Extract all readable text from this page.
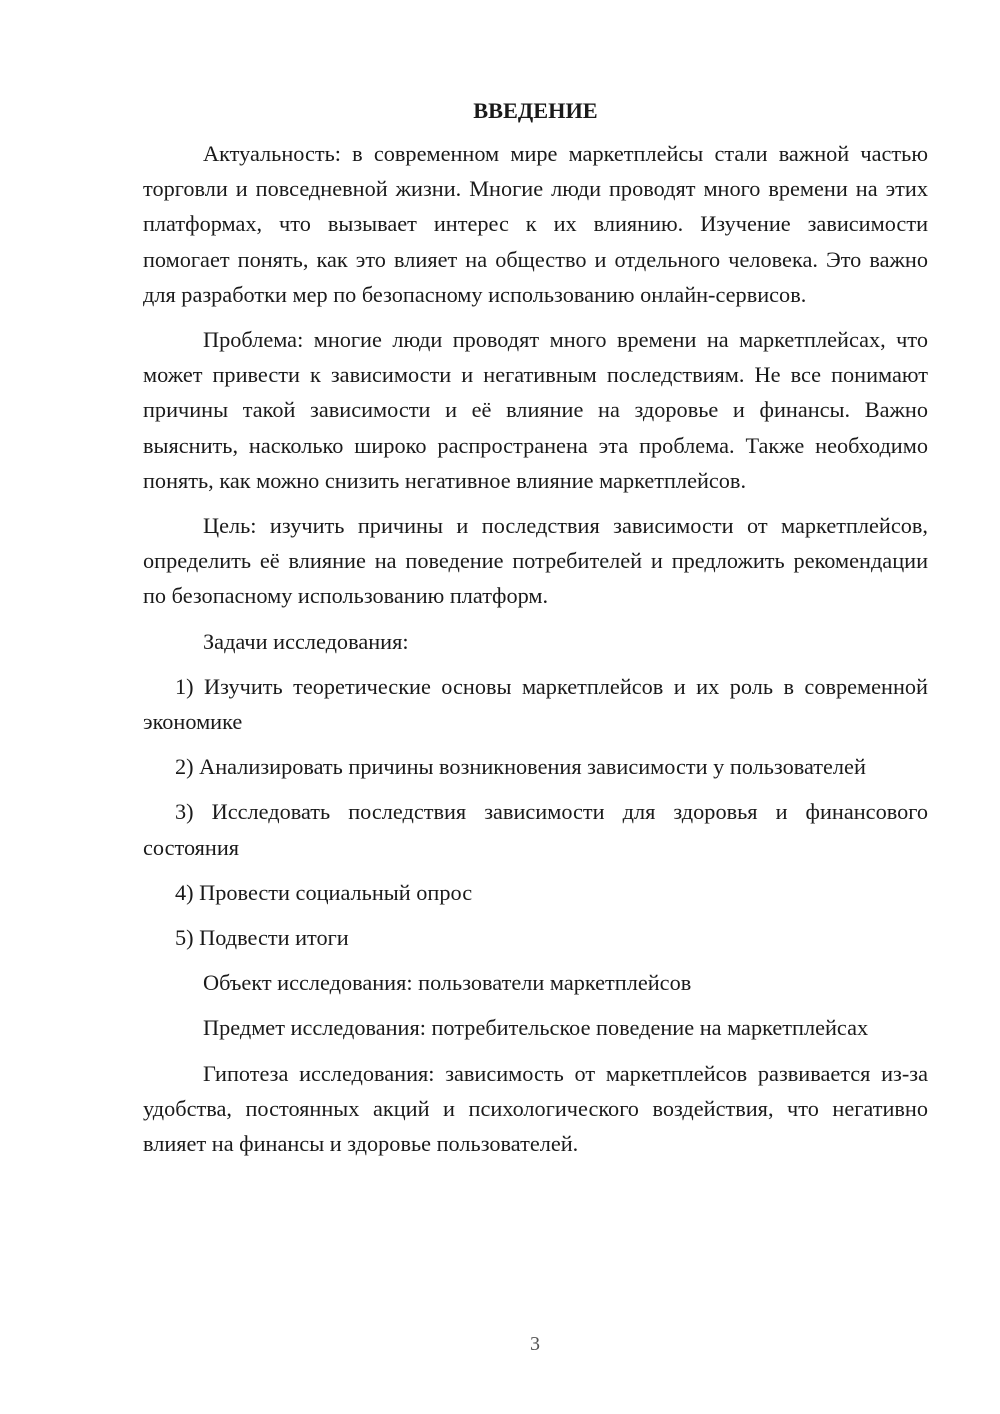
ВВЕДЕНИЕ

Актуальность: в современном мире маркетплейсы стали важной частью торговли и повседневной жизни. Многие люди проводят много времени на этих платформах, что вызывает интерес к их влиянию. Изучение зависимости помогает понять, как это влияет на общество и отдельного человека. Это важно для разработки мер по безопасному использованию онлайн-сервисов.

Проблема: многие люди проводят много времени на маркетплейсах, что может привести к зависимости и негативным последствиям. Не все понимают причины такой зависимости и её влияние на здоровье и финансы. Важно выяснить, насколько широко распространена эта проблема. Также необходимо понять, как можно снизить негативное влияние маркетплейсов.

Цель: изучить причины и последствия зависимости от маркетплейсов, определить её влияние на поведение потребителей и предложить рекомендации по безопасному использованию платформ.

Задачи исследования:

1) Изучить теоретические основы маркетплейсов и их роль в современной экономике

2) Анализировать причины возникновения зависимости у пользователей

3) Исследовать последствия зависимости для здоровья и финансового состояния

4) Провести социальный опрос

5) Подвести итоги

Объект исследования: пользователи маркетплейсов

Предмет исследования: потребительское поведение на маркетплейсах

Гипотеза исследования: зависимость от маркетплейсов развивается из-за удобства, постоянных акций и психологического воздействия, что негативно влияет на финансы и здоровье пользователей.

3
